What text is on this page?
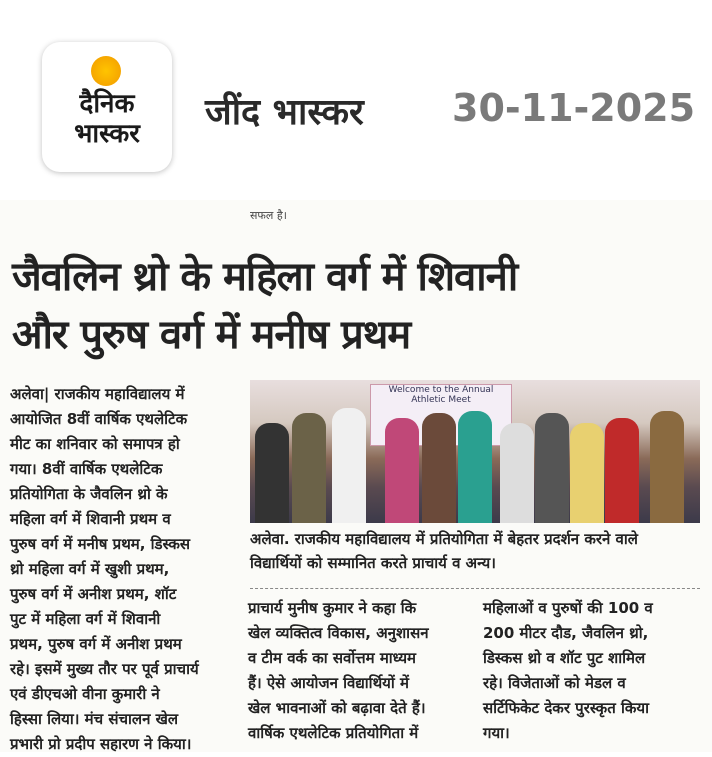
दैनिक
भास्कर
जींद भास्कर 30-11-2025
सफल है।
जैवलिन थ्रो के महिला वर्ग में शिवानी
और पुरुष वर्ग में मनीष प्रथम

अलेवा| राजकीय महाविद्यालय में

आयोजित 8वीं वार्षिक एथलेटिक

मीट का शनिवार को समापत्र हो

गया। 8वीं वार्षिक एथलेटिक

प्रतियोगिता के जैवलिन थ्रो के

महिला वर्ग में शिवानी प्रथम व

पुरुष वर्ग में मनीष प्रथम, डिस्कस

थ्रो महिला वर्ग में खुशी प्रथम,

पुरुष वर्ग में अनीश प्रथम, शॉट

पुट में महिला वर्ग में शिवानी

प्रथम, पुरुष वर्ग में अनीश प्रथम

रहे। इसमें मुख्य तौर पर पूर्व प्राचार्य

एवं डीएचओ वीना कुमारी ने

हिस्सा लिया। मंच संचालन खेल

प्रभारी प्रो प्रदीप सहारण ने किया।

Welcome to the Annual Athletic Meet
अलेवा. राजकीय महाविद्यालय में प्रतियोगिता में बेहतर प्रदर्शन करने वाले
विद्यार्थियों को सम्मानित करते प्राचार्य व अन्य।

प्राचार्य मुनीष कुमार ने कहा कि

खेल व्यक्तित्व विकास, अनुशासन

व टीम वर्क का सर्वोत्तम माध्यम

हैं। ऐसे आयोजन विद्यार्थियों में

खेल भावनाओं को बढ़ावा देते हैं।

वार्षिक एथलेटिक प्रतियोगिता में

महिलाओं व पुरुषों की 100 व

200 मीटर दौड, जैवलिन थ्रो,

डिस्कस थ्रो व शॉट पुट शामिल

रहे। विजेताओं को मेडल व

सर्टिफिकेट देकर पुरस्कृत किया

गया।
